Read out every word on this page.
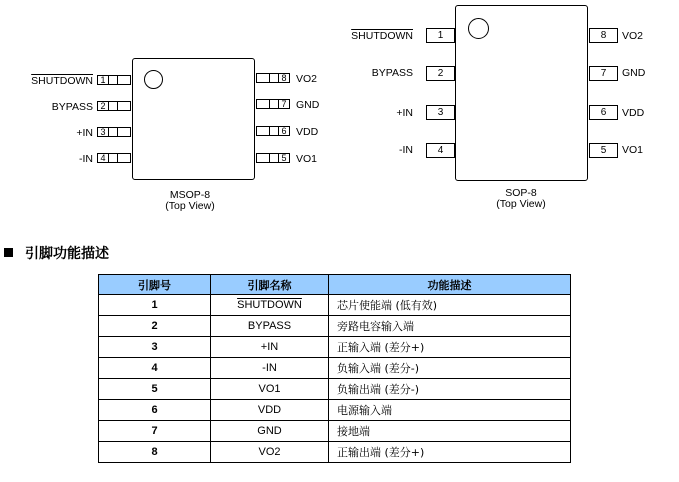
SHUTDOWN 1
BYPASS 2
+IN 3
-IN 4
8 VO2
7 GND
6 VDD
5 VO1
MSOP-8
(Top View)
SHUTDOWN	1
BYPASS	2
+IN	3
-IN	4
8	VO2
7	GND
6	VDD
5	VO1
SOP-8
(Top View)
引脚功能描述
引脚号	引脚名称	功能描述
1	SHUTDOWN	芯片使能端 (低有效)
2	BYPASS	旁路电容输入端
3	+IN	正输入端 (差分+)
4	-IN	负输入端 (差分-)
5	VO1	负输出端 (差分-)
6	VDD	电源输入端
7	GND	接地端
8	VO2	正输出端 (差分+)
